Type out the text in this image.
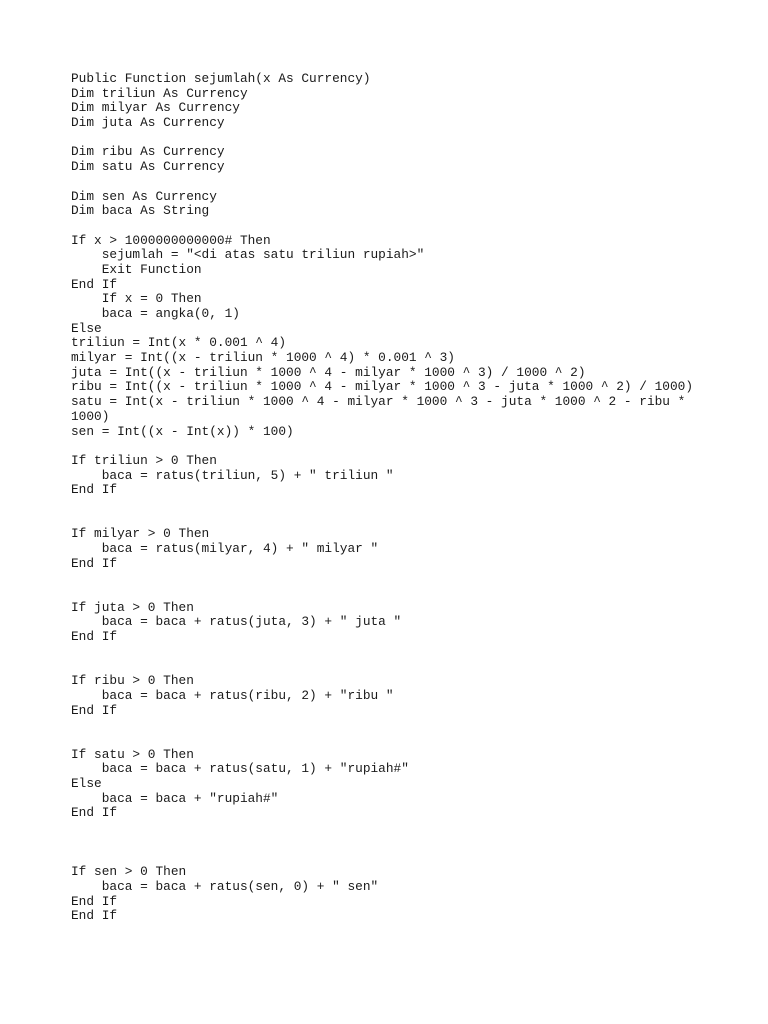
Public Function sejumlah(x As Currency)
Dim triliun As Currency
Dim milyar As Currency
Dim juta As Currency
Dim ribu As Currency
Dim satu As Currency
Dim sen As Currency
Dim baca As String
If x > 1000000000000# Then
sejumlah = "<di atas satu triliun rupiah>"
Exit Function
End If
If x = 0 Then
baca = angka(0, 1)
Else
triliun = Int(x * 0.001 ^ 4)
milyar = Int((x - triliun * 1000 ^ 4) * 0.001 ^ 3)
juta = Int((x - triliun * 1000 ^ 4 - milyar * 1000 ^ 3) / 1000 ^ 2)
ribu = Int((x - triliun * 1000 ^ 4 - milyar * 1000 ^ 3 - juta * 1000 ^ 2) / 1000)
satu = Int(x - triliun * 1000 ^ 4 - milyar * 1000 ^ 3 - juta * 1000 ^ 2 - ribu *
1000)
sen = Int((x - Int(x)) * 100)
If triliun > 0 Then
baca = ratus(triliun, 5) + " triliun "
End If
If milyar > 0 Then
baca = ratus(milyar, 4) + " milyar "
End If
If juta > 0 Then
baca = baca + ratus(juta, 3) + " juta "
End If
If ribu > 0 Then
baca = baca + ratus(ribu, 2) + "ribu "
End If
If satu > 0 Then
baca = baca + ratus(satu, 1) + "rupiah#"
Else
baca = baca + "rupiah#"
End If
If sen > 0 Then
baca = baca + ratus(sen, 0) + " sen"
End If
End If
